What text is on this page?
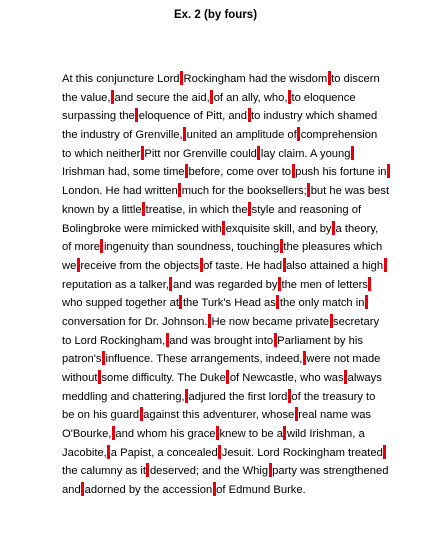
Ex. 2 (by fours)
At this conjuncture Lord Rockingham had the wisdom to discern
the value, and secure the aid, of an ally, who, to eloquence
surpassing the eloquence of Pitt, and to industry which shamed
the industry of Grenville, united an amplitude of comprehension
to which neither Pitt nor Grenville could lay claim. A young
Irishman had, some time before, come over to push his fortune in
London. He had written much for the booksellers; but he was best
known by a little treatise, in which the style and reasoning of
Bolingbroke were mimicked with exquisite skill, and by a theory,
of more ingenuity than soundness, touching the pleasures which
we receive from the objects of taste. He had also attained a high
reputation as a talker, and was regarded by the men of letters
who supped together at the Turk's Head as the only match in
conversation for Dr. Johnson. He now became private secretary
to Lord Rockingham, and was brought into Parliament by his
patron's influence. These arrangements, indeed, were not made
without some difficulty. The Duke of Newcastle, who was always
meddling and chattering, adjured the first lord of the treasury to
be on his guard against this adventurer, whose real name was
O'Bourke, and whom his grace knew to be a wild Irishman, a
Jacobite, a Papist, a concealed Jesuit. Lord Rockingham treated
the calumny as it deserved; and the Whig party was strengthened
and adorned by the accession of Edmund Burke.
